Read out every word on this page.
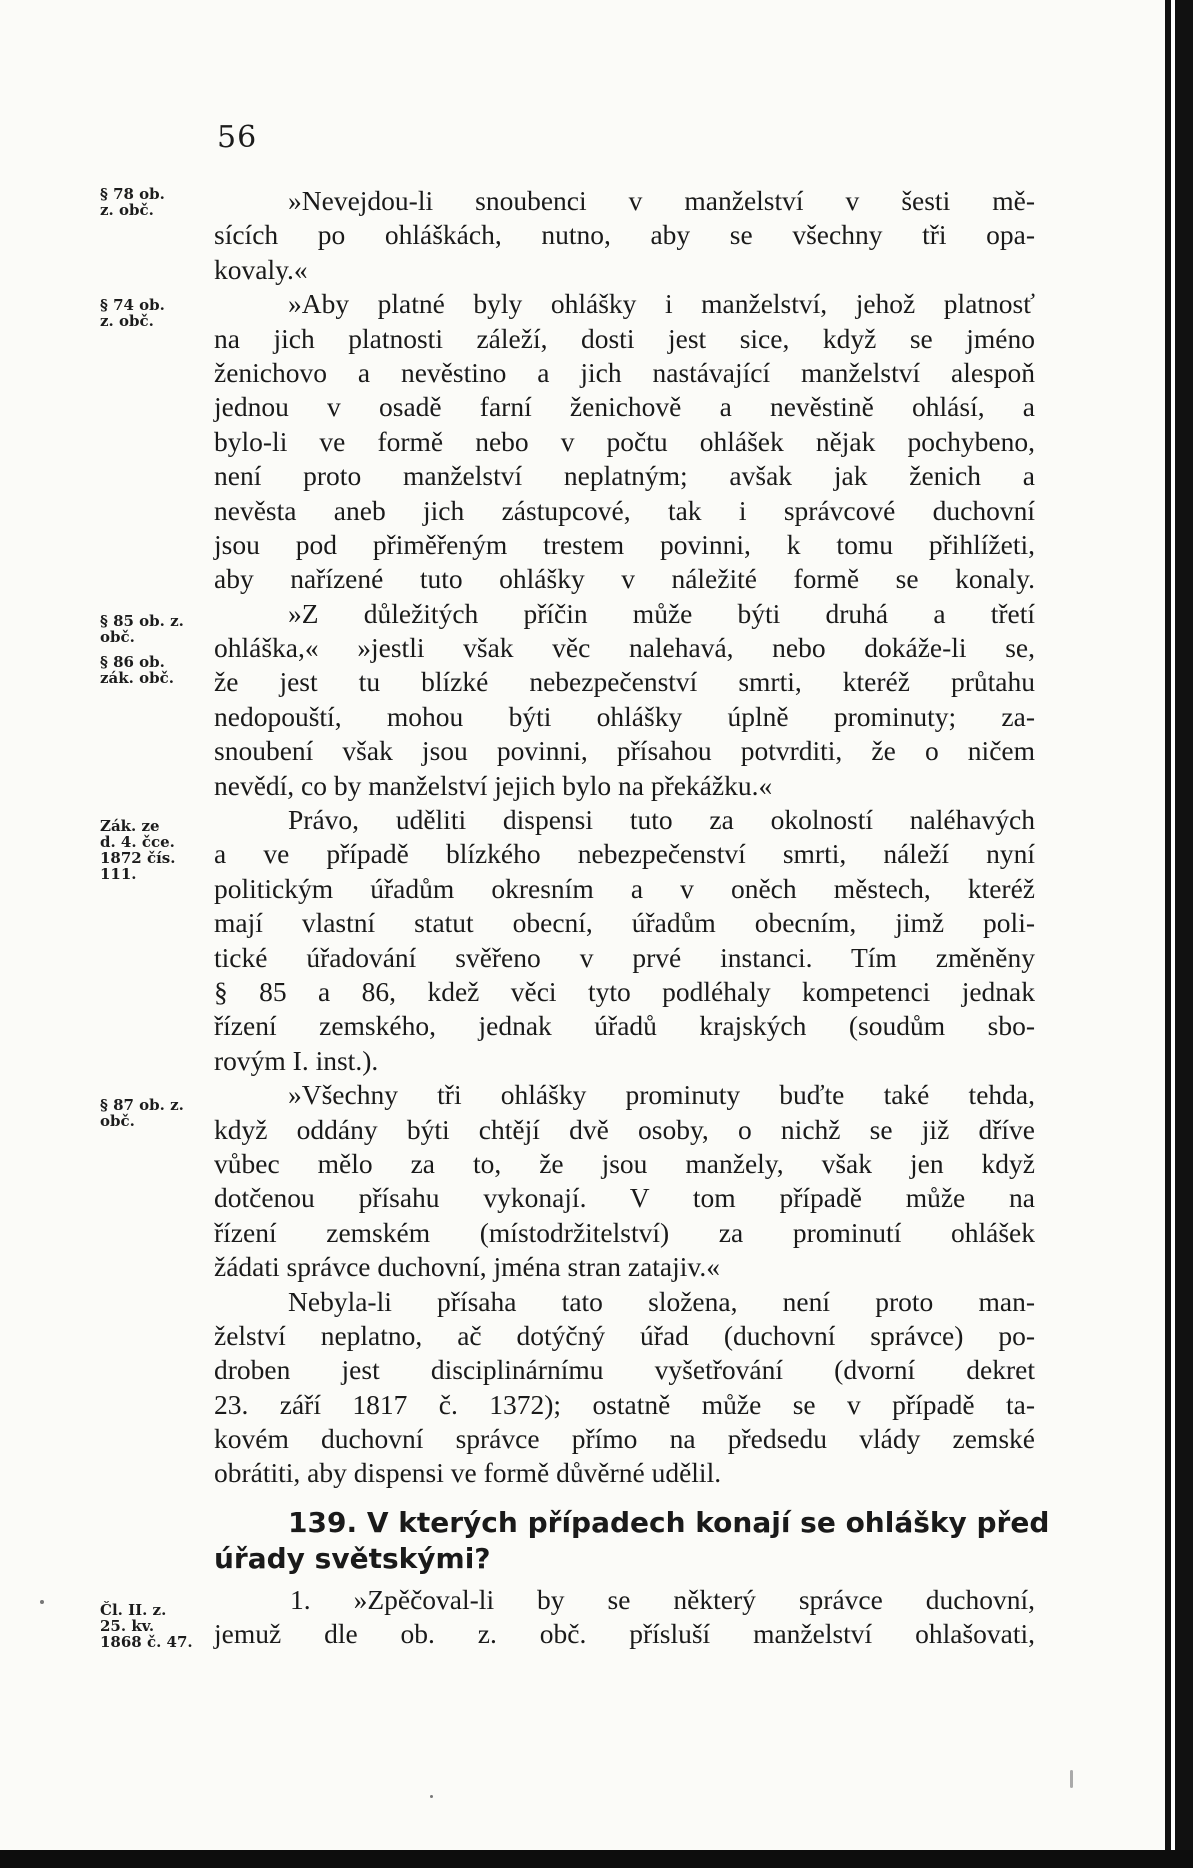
56
§ 78 ob.
z. obč.
§ 74 ob.
z. obč.
§ 85 ob. z.
obč.
§ 86 ob.
zák. obč.
Zák. ze
d. 4. čce.
1872 čís.
111.
§ 87 ob. z.
obč.
Čl. II. z.
25. kv.
1868 č. 47.
»Nevejdou-li snoubenci v manželství v šesti mě-
sících po ohláškách, nutno, aby se všechny tři opa-
kovaly.«
»Aby platné byly ohlášky i manželství, jehož platnosť
na jich platnosti záleží, dosti jest sice, když se jméno
ženichovo a nevěstino a jich nastávající manželství alespoň
jednou v osadě farní ženichově a nevěstině ohlásí, a
bylo-li ve formě nebo v počtu ohlášek nějak pochybeno,
není proto manželství neplatným; avšak jak ženich a
nevěsta aneb jich zástupcové, tak i správcové duchovní
jsou pod přiměřeným trestem povinni, k tomu přihlížeti,
aby nařízené tuto ohlášky v náležité formě se konaly.
»Z důležitých příčin může býti druhá a třetí
ohláška,« »jestli však věc nalehavá, nebo dokáže-li se,
že jest tu blízké nebezpečenství smrti, kteréž průtahu
nedopouští, mohou býti ohlášky úplně prominuty; za-
snoubení však jsou povinni, přísahou potvrditi, že o ničem
nevědí, co by manželství jejich bylo na překážku.«
Právo, uděliti dispensi tuto za okolností naléhavých
a ve případě blízkého nebezpečenství smrti, náleží nyní
politickým úřadům okresním a v oněch městech, kteréž
mají vlastní statut obecní, úřadům obecním, jimž poli-
tické úřadování svěřeno v prvé instanci. Tím změněny
§ 85 a 86, kdež věci tyto podléhaly kompetenci jednak
řízení zemského, jednak úřadů krajských (soudům sbo-
rovým I. inst.).
»Všechny tři ohlášky prominuty buďte také tehda,
když oddány býti chtějí dvě osoby, o nichž se již dříve
vůbec mělo za to, že jsou manžely, však jen když
dotčenou přísahu vykonají. V tom případě může na
řízení zemském (místodržitelství) za prominutí ohlášek
žádati správce duchovní, jména stran zatajiv.«
Nebyla-li přísaha tato složena, není proto man-
želství neplatno, ač dotýčný úřad (duchovní správce) po-
droben jest disciplinárnímu vyšetřování (dvorní dekret
23. září 1817 č. 1372); ostatně může se v případě ta-
kovém duchovní správce přímo na předsedu vlády zemské
obrátiti, aby dispensi ve formě důvěrné udělil.
139. V kterých případech konají se ohlášky před
úřady světskými?
1. »Zpěčoval-li by se některý správce duchovní,
jemuž dle ob. z. obč. přísluší manželství ohlašovati,
